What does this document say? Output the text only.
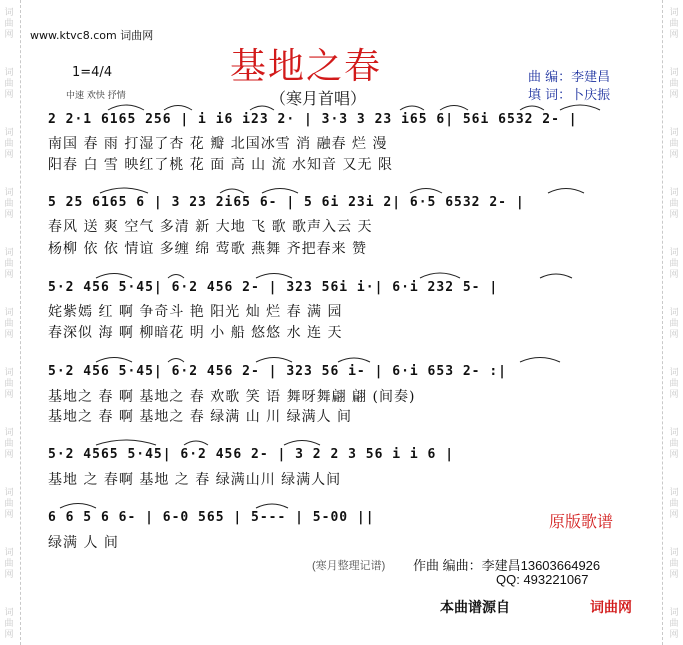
词
曲
网
词
曲
网
词
曲
网
词
曲
网
词
曲
网
词
曲
网
词
曲
网
词
曲
网
词
曲
网
词
曲
网
词
曲
网
词
曲
网
词
曲
网
词
曲
网
词
曲
网
词
曲
网
词
曲
网
词
曲
网
词
曲
网
词
曲
网
词
曲
网
词
曲
网
www.ktvc8.com 词曲网
基地之春
（寒月首唱）
曲 编：李建昌
填 词：卜庆振
1=4/4
中速 欢快 抒情
2 2·1 6165 256 | i i6 i23 2· | 3·3 3 23 i65 6| 56i 6532 2- |
南国 春 雨 打湿了杏 花 瓣 北国冰雪 消 融春 烂 漫
阳春 白 雪 映红了桃 花 面 高 山 流 水知音 又无 限
5 25 6165 6 | 3 23 2i65 6- | 5 6i 23i 2| 6·5 6532 2- |
春风 送 爽 空气 多清 新 大地 飞 歌 歌声入云 天
杨柳 依 依 情谊 多缠 绵 莺歌 燕舞 齐把春来 赞
5·2 456 5·45| 6·2 456 2- | 323 56i i·| 6·i 232 5- |
姹紫嫣 红 啊 争奇斗 艳 阳光 灿 烂 春 满 园
春深似 海 啊 柳暗花 明 小 船 悠悠 水 连 天
5·2 456 5·45| 6·2 456 2- | 323 56 i- | 6·i 653 2- :|
基地之 春 啊 基地之 春 欢歌 笑 语 舞呀舞翩 翩 (间奏)
基地之 春 啊 基地之 春 绿满 山 川 绿满人 间
5·2 4565 5·45| 6·2 456 2- | 3 2 2 3 56 i i 6 |
基地 之 春啊 基地 之 春 绿满山川 绿满人间
6 6 5 6 6- | 6-0 565 | 5--- | 5-00 ||
绿满 人 间
原版歌谱
(寒月整理记谱) 作曲 编曲：李建昌13603664926
QQ: 493221067
本曲谱源自	词曲网
